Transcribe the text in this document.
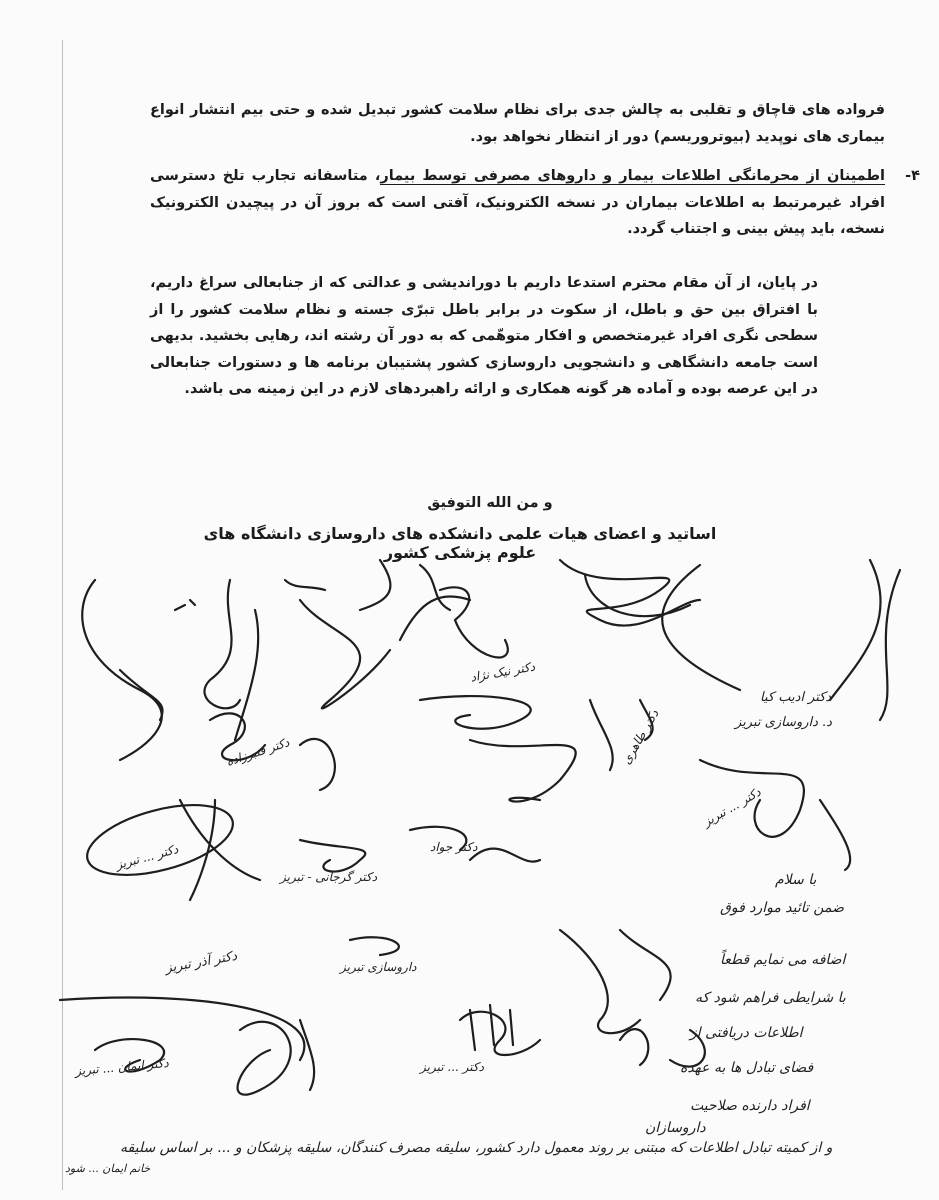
فرواده های قاچاق و تقلبی به چالش جدی برای نظام سلامت کشور تبدیل شده و حتی بیم انتشار انواع بیماری های نوپدید (بیوتروریسم) دور از انتظار نخواهد بود.
۴-
اطمینان از محرمانگی اطلاعات بیمار و داروهای مصرفی توسط بیمار، متاسفانه تجارب تلخ دسترسی افراد غیرمرتبط به اطلاعات بیماران در نسخه الکترونیک، آفتی است که بروز آن در پیچیدن الکترونیک نسخه، باید پیش بینی و اجتناب گردد.
در پایان، از آن مقام محترم استدعا داریم با دوراندیشی و عدالتی که از جنابعالی سراغ داریم، با افتراق بین حق و باطل، از سکوت در برابر باطل تبرّی جسته و نظام سلامت کشور را از سطحی نگری افراد غیرمتخصص و افکار متوهّمی که به دور آن رشته اند، رهایی بخشید. بدیهی است جامعه دانشگاهی و دانشجویی داروسازی کشور پشتیبان برنامه ها و دستورات جنابعالی در این عرصه بوده و آماده هر گونه همکاری و ارائه راهبردهای لازم در این زمینه می باشد.
و من الله التوفیق
اساتید و اعضای هیات علمی دانشکده های داروسازی دانشگاه های علوم پزشکی کشور
دکتر ادیب کیا
د. داروسازی تبریز
دکتر نیک نژاد
دکتر قنبرزاده	دکتر طاهری
دکتر جواد
دکتر ... تبریز
دکتر آذر تبریز
دکتر گرجانی - تبریز
داروسازی تبریز
دکتر ... تبریز
دکتر ... تبریز
دکتر ایمان ... تبریز
با سلام
ضمن تائید موارد فوق
اضافه می نمایم قطعاً
با شرایطی فراهم شود که
اطلاعات دریافتی از
فضای تبادل ها به عهده
افراد دارنده صلاحیت
داروسازان
و از کمیته تبادل اطلاعات که مبتنی بر روند معمول دارد کشور، سلیقه مصرف کنندگان، سلیقه پزشکان و ... بر اساس سلیقه
خانم ایمان ... شود
